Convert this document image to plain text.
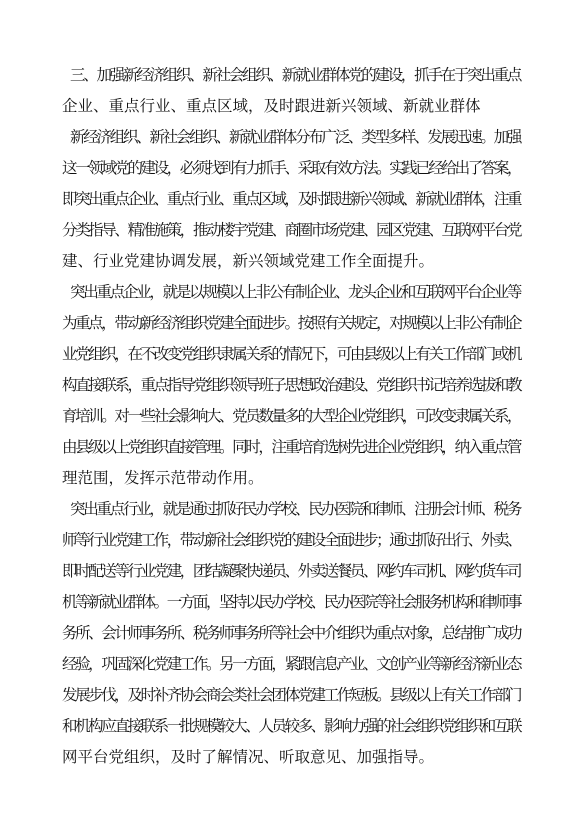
三、加强新经济组织、新社会组织、新就业群体党的建设，抓手在于突出重点
企业、重点行业、重点区域，及时跟进新兴领域、新就业群体
新经济组织、新社会组织、新就业群体分布广泛、类型多样、发展迅速。加强
这一领域党的建设，必须找到有力抓手、采取有效方法。实践已经给出了答案，
即突出重点企业、重点行业、重点区域，及时跟进新兴领域、新就业群体，注重
分类指导、精准施策，推动楼宇党建、商圈市场党建、园区党建、互联网平台党
建、行业党建协调发展，新兴领域党建工作全面提升。
突出重点企业，就是以规模以上非公有制企业、龙头企业和互联网平台企业等
为重点，带动新经济组织党建全面进步。按照有关规定，对规模以上非公有制企
业党组织，在不改变党组织隶属关系的情况下，可由县级以上有关工作部门或机
构直接联系，重点指导党组织领导班子思想政治建设、党组织书记培养选拔和教
育培训。对一些社会影响大、党员数量多的大型企业党组织，可改变隶属关系，
由县级以上党组织直接管理。同时，注重培育选树先进企业党组织，纳入重点管
理范围，发挥示范带动作用。
突出重点行业，就是通过抓好民办学校、民办医院和律师、注册会计师、税务
师等行业党建工作，带动新社会组织党的建设全面进步；通过抓好出行、外卖、
即时配送等行业党建，团结凝聚快递员、外卖送餐员、网约车司机、网约货车司
机等新就业群体。一方面，坚持以民办学校、民办医院等社会服务机构和律师事
务所、会计师事务所、税务师事务所等社会中介组织为重点对象，总结推广成功
经验，巩固深化党建工作。另一方面，紧跟信息产业、文创产业等新经济新业态
发展步伐，及时补齐协会商会类社会团体党建工作短板。县级以上有关工作部门
和机构应直接联系一批规模较大、人员较多、影响力强的社会组织党组织和互联
网平台党组织，及时了解情况、听取意见、加强指导。
